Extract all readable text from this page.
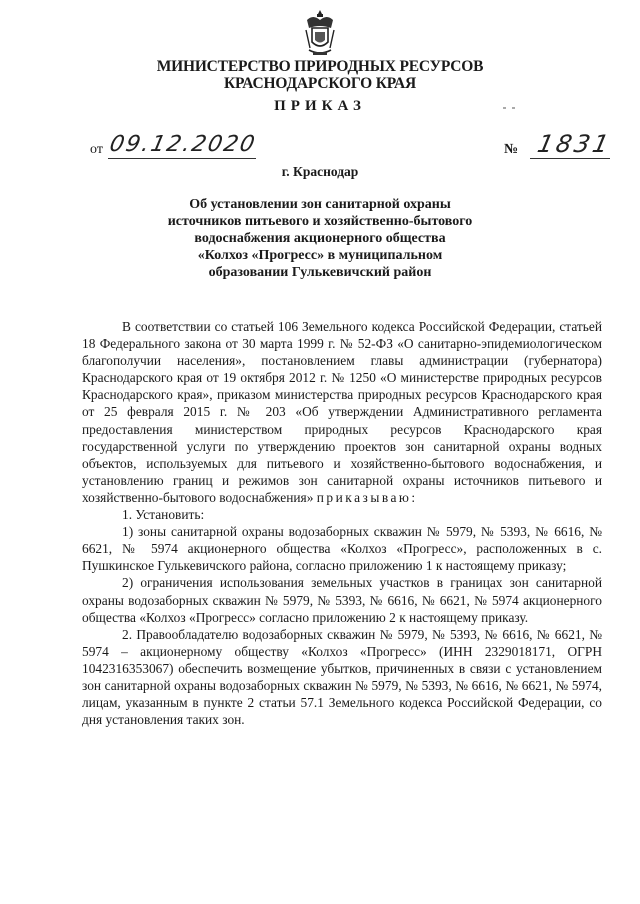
МИНИСТЕРСТВО ПРИРОДНЫХ РЕСУРСОВ
КРАСНОДАРСКОГО КРАЯ
ПРИКАЗ
от 09.12.2020	№ 1831
г. Краснодар
Об установлении зон санитарной охраны
источников питьевого и хозяйственно-бытового
водоснабжения акционерного общества
«Колхоз «Прогресс» в муниципальном
образовании Гулькевичский район

В соответствии со статьей 106 Земельного кодекса Российской Федерации, статьей 18 Федерального закона от 30 марта 1999 г. № 52-ФЗ «О санитарно-эпидемиологическом благополучии населения», постановлением главы администрации (губернатора) Краснодарского края от 19 октября 2012 г. № 1250 «О министерстве природных ресурсов Краснодарского края», приказом министерства природных ресурсов Краснодарского края от 25 февраля 2015 г. № 203 «Об утверждении Административного регламента предоставления министерством природных ресурсов Краснодарского края государственной услуги по утверждению проектов зон санитарной охраны водных объектов, используемых для питьевого и хозяйственно-бытового водоснабжения, и установлению границ и режимов зон санитарной охраны источников питьевого и хозяйственно-бытового водоснабжения» приказываю:

1. Установить:

1) зоны санитарной охраны водозаборных скважин № 5979, № 5393, № 6616, № 6621, № 5974 акционерного общества «Колхоз «Прогресс», расположенных в с. Пушкинское Гулькевичского района, согласно приложению 1 к настоящему приказу;

2) ограничения использования земельных участков в границах зон санитарной охраны водозаборных скважин № 5979, № 5393, № 6616, № 6621, № 5974 акционерного общества «Колхоз «Прогресс» согласно приложению 2 к настоящему приказу.

2. Правообладателю водозаборных скважин № 5979, № 5393, № 6616, № 6621, № 5974 – акционерному обществу «Колхоз «Прогресс» (ИНН 2329018171, ОГРН 1042316353067) обеспечить возмещение убытков, причиненных в связи с установлением зон санитарной охраны водозаборных скважин № 5979, № 5393, № 6616, № 6621, № 5974, лицам, указанным в пункте 2 статьи 57.1 Земельного кодекса Российской Федерации, со дня установления таких зон.
